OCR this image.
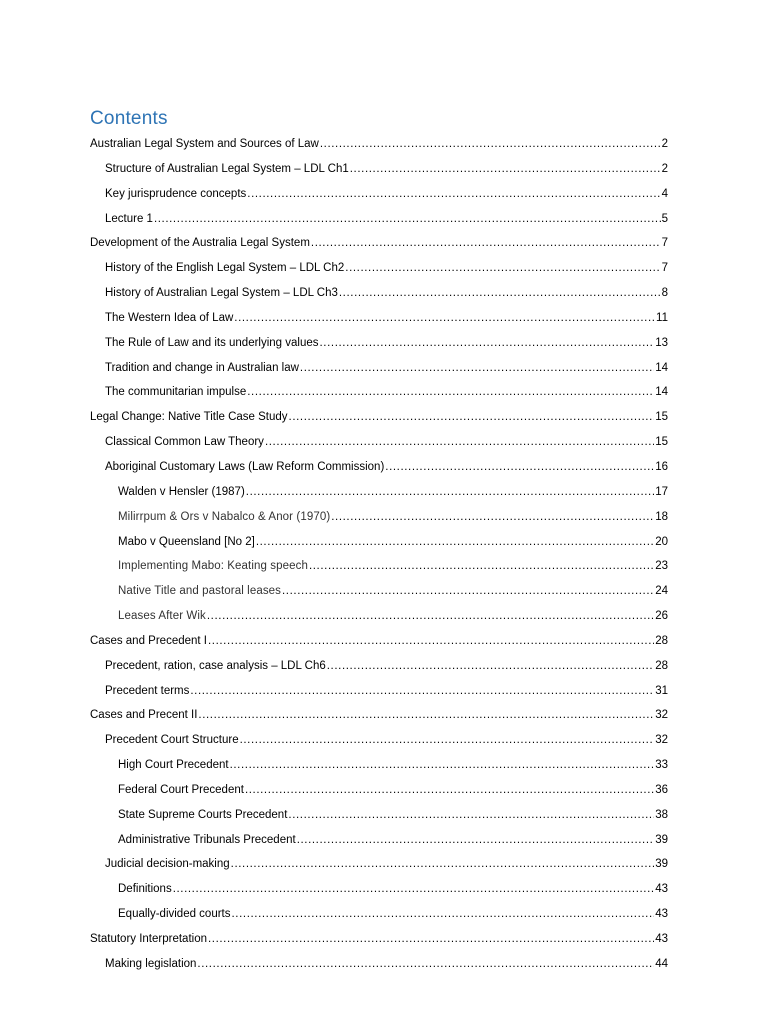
Contents
Australian Legal System and Sources of Law .....	2
Structure of Australian Legal System – LDL Ch1 .....	2
Key jurisprudence concepts .....	4
Lecture 1 .....	5
Development of the Australia Legal System .....	7
History of the English Legal System – LDL Ch2 .....	7
History of Australian Legal System – LDL Ch3 .....	8
The Western Idea of Law .....	11
The Rule of Law and its underlying values .....	13
Tradition and change in Australian law .....	14
The communitarian impulse .....	14
Legal Change: Native Title Case Study .....	15
Classical Common Law Theory .....	15
Aboriginal Customary Laws (Law Reform Commission) .....	16
Walden v Hensler (1987) .....	17
Milirrpum & Ors v Nabalco & Anor (1970) .....	18
Mabo v Queensland [No 2] .....	20
Implementing Mabo: Keating speech .....	23
Native Title and pastoral leases .....	24
Leases After Wik .....	26
Cases and Precedent I .....	28
Precedent, ration, case analysis – LDL Ch6 .....	28
Precedent terms .....	31
Cases and Precent II .....	32
Precedent Court Structure .....	32
High Court Precedent .....	33
Federal Court Precedent .....	36
State Supreme Courts Precedent .....	38
Administrative Tribunals Precedent .....	39
Judicial decision-making .....	39
Definitions .....	43
Equally-divided courts .....	43
Statutory Interpretation .....	43
Making legislation .....	44
